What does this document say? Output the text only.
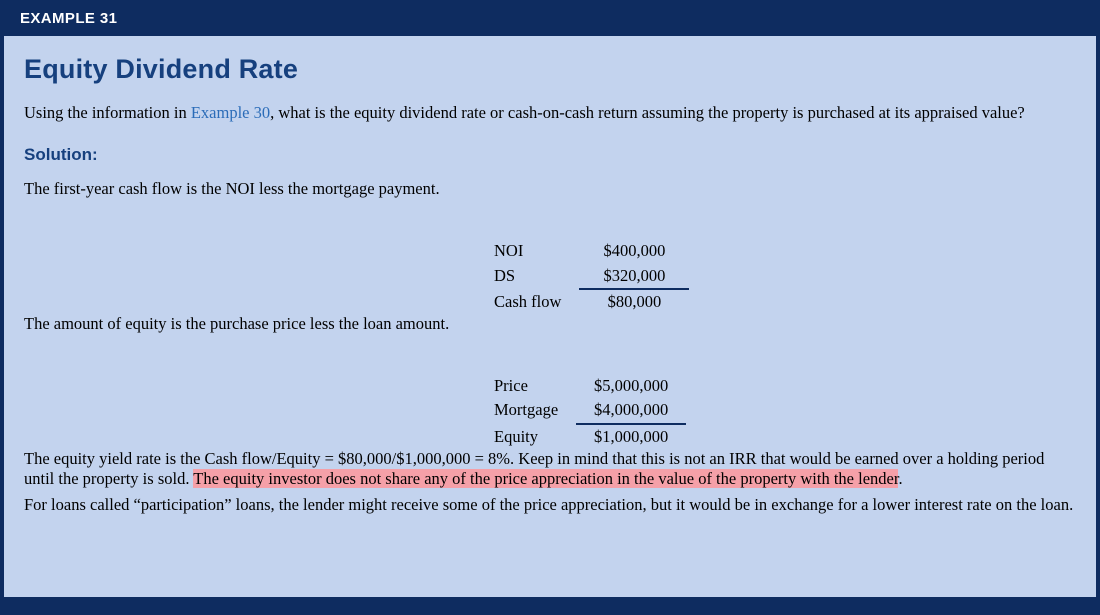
EXAMPLE 31
Equity Dividend Rate

Using the information in Example 30, what is the equity dividend rate or cash-on-cash return assuming the property is purchased at its appraised value?

Solution:

The first-year cash flow is the NOI less the mortgage payment.

NOI	$400,000
DS	$320,000
Cash flow	$80,000

The amount of equity is the purchase price less the loan amount.

Price	$5,000,000
Mortgage	$4,000,000
Equity	$1,000,000

The equity yield rate is the Cash flow/Equity = $80,000/$1,000,000 = 8%. Keep in mind that this is not an IRR that would be earned over a holding period until the property is sold. The equity investor does not share any of the price appreciation in the value of the property with the lender.

For loans called “participation” loans, the lender might receive some of the price appreciation, but it would be in exchange for a lower interest rate on the loan.
